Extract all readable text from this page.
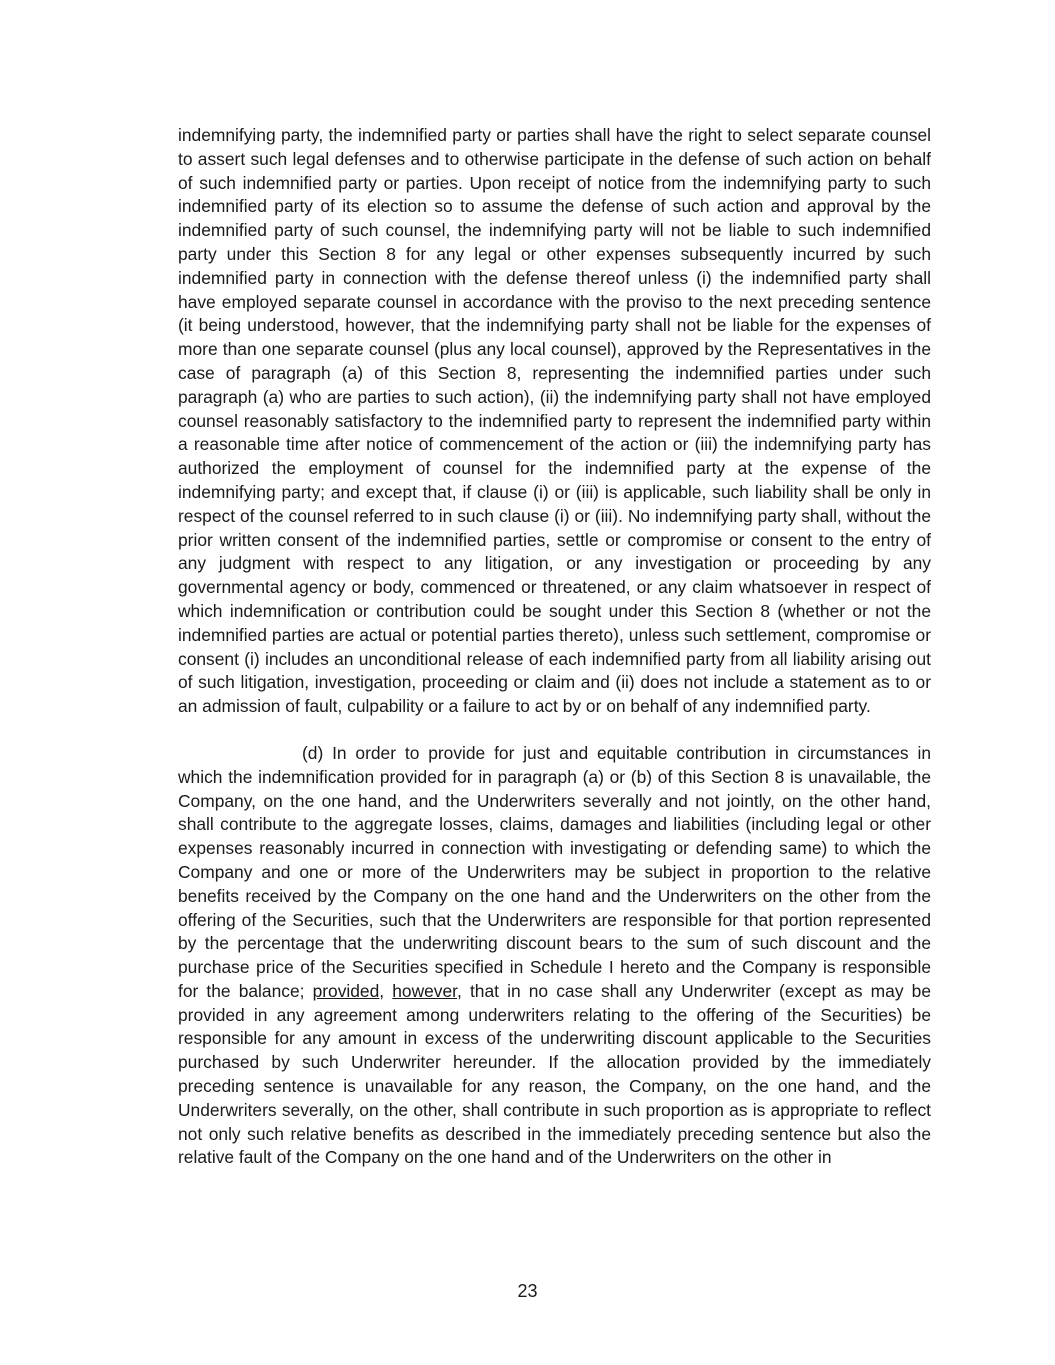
indemnifying party, the indemnified party or parties shall have the right to select separate counsel to assert such legal defenses and to otherwise participate in the defense of such action on behalf of such indemnified party or parties. Upon receipt of notice from the indemnifying party to such indemnified party of its election so to assume the defense of such action and approval by the indemnified party of such counsel, the indemnifying party will not be liable to such indemnified party under this Section 8 for any legal or other expenses subsequently incurred by such indemnified party in connection with the defense thereof unless (i) the indemnified party shall have employed separate counsel in accordance with the proviso to the next preceding sentence (it being understood, however, that the indemnifying party shall not be liable for the expenses of more than one separate counsel (plus any local counsel), approved by the Representatives in the case of paragraph (a) of this Section 8, representing the indemnified parties under such paragraph (a) who are parties to such action), (ii) the indemnifying party shall not have employed counsel reasonably satisfactory to the indemnified party to represent the indemnified party within a reasonable time after notice of commencement of the action or (iii) the indemnifying party has authorized the employment of counsel for the indemnified party at the expense of the indemnifying party; and except that, if clause (i) or (iii) is applicable, such liability shall be only in respect of the counsel referred to in such clause (i) or (iii). No indemnifying party shall, without the prior written consent of the indemnified parties, settle or compromise or consent to the entry of any judgment with respect to any litigation, or any investigation or proceeding by any governmental agency or body, commenced or threatened, or any claim whatsoever in respect of which indemnification or contribution could be sought under this Section 8 (whether or not the indemnified parties are actual or potential parties thereto), unless such settlement, compromise or consent (i) includes an unconditional release of each indemnified party from all liability arising out of such litigation, investigation, proceeding or claim and (ii) does not include a statement as to or an admission of fault, culpability or a failure to act by or on behalf of any indemnified party.

(d) In order to provide for just and equitable contribution in circumstances in which the indemnification provided for in paragraph (a) or (b) of this Section 8 is unavailable, the Company, on the one hand, and the Underwriters severally and not jointly, on the other hand, shall contribute to the aggregate losses, claims, damages and liabilities (including legal or other expenses reasonably incurred in connection with investigating or defending same) to which the Company and one or more of the Underwriters may be subject in proportion to the relative benefits received by the Company on the one hand and the Underwriters on the other from the offering of the Securities, such that the Underwriters are responsible for that portion represented by the percentage that the underwriting discount bears to the sum of such discount and the purchase price of the Securities specified in Schedule I hereto and the Company is responsible for the balance; provided, however, that in no case shall any Underwriter (except as may be provided in any agreement among underwriters relating to the offering of the Securities) be responsible for any amount in excess of the underwriting discount applicable to the Securities purchased by such Underwriter hereunder. If the allocation provided by the immediately preceding sentence is unavailable for any reason, the Company, on the one hand, and the Underwriters severally, on the other, shall contribute in such proportion as is appropriate to reflect not only such relative benefits as described in the immediately preceding sentence but also the relative fault of the Company on the one hand and of the Underwriters on the other in

23
